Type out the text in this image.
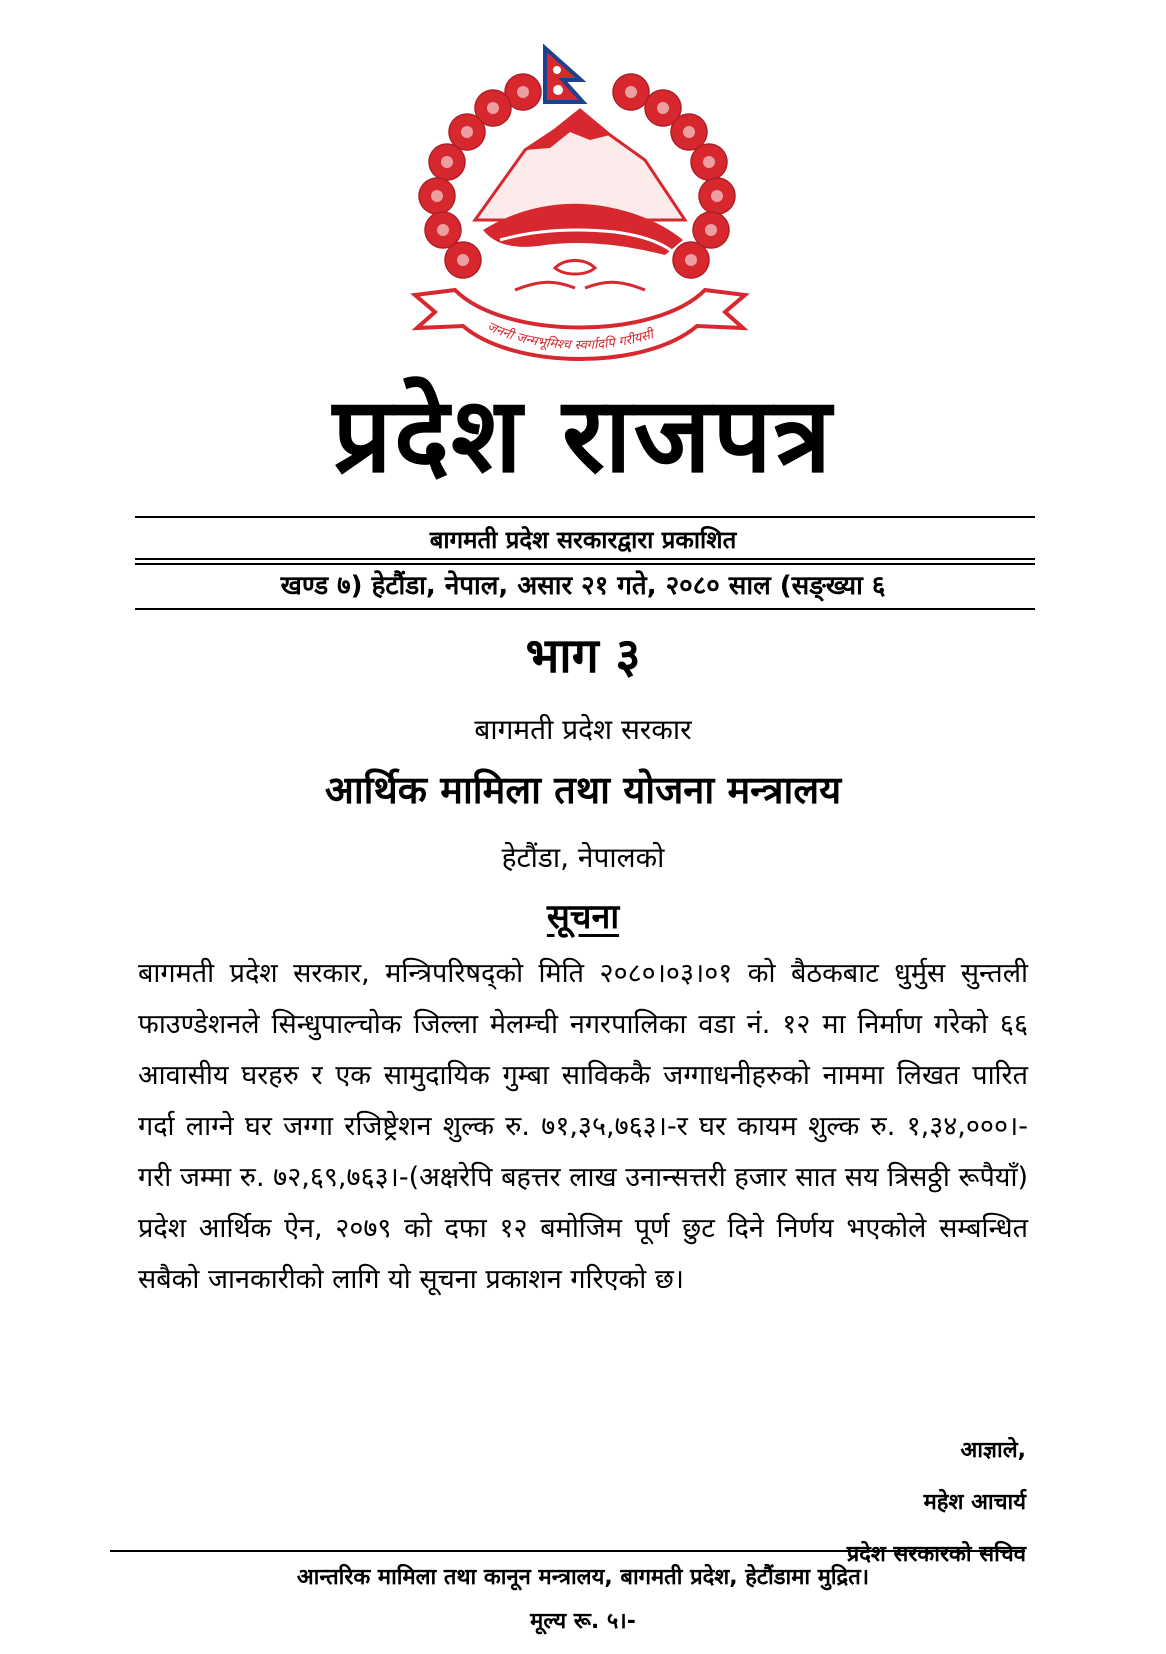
जननी जन्मभूमिश्च स्वर्गादपि गरीयसी
प्रदेश राजपत्र
बागमती प्रदेश सरकारद्वारा प्रकाशित
खण्ड ७) हेटौंडा, नेपाल, असार २१ गते, २०८० साल (सङ्ख्या ६
भाग ३
बागमती प्रदेश सरकार
आर्थिक मामिला तथा योजना मन्त्रालय
हेटौंडा, नेपालको
सूचना
बागमती प्रदेश सरकार, मन्त्रिपरिषद्को मिति २०८०।०३।०१ को बैठकबाट धुर्मुस सुन्तली फाउण्डेशनले सिन्धुपाल्चोक जिल्ला मेलम्ची नगरपालिका वडा नं. १२ मा निर्माण गरेको ६६ आवासीय घरहरु र एक सामुदायिक गुम्बा साविककै जग्गाधनीहरुको नाममा लिखत पारित गर्दा लाग्ने घर जग्गा रजिष्ट्रेशन शुल्क रु. ७१,३५,७६३।-र घर कायम शुल्क रु. १,३४,०००।- गरी जम्मा रु. ७२,६९,७६३।-(अक्षरेपि बहत्तर लाख उनान्सत्तरी हजार सात सय त्रिसठ्ठी रूपैयाँ) प्रदेश आर्थिक ऐन, २०७९ को दफा १२ बमोजिम पूर्ण छुट दिने निर्णय भएकोले सम्बन्धित सबैको जानकारीको लागि यो सूचना प्रकाशन गरिएको छ।
आज्ञाले,
महेश आचार्य
प्रदेश सरकारको सचिव
आन्तरिक मामिला तथा कानून मन्त्रालय, बागमती प्रदेश, हेटौंडामा मुद्रित।
मूल्य रू. ५।-
